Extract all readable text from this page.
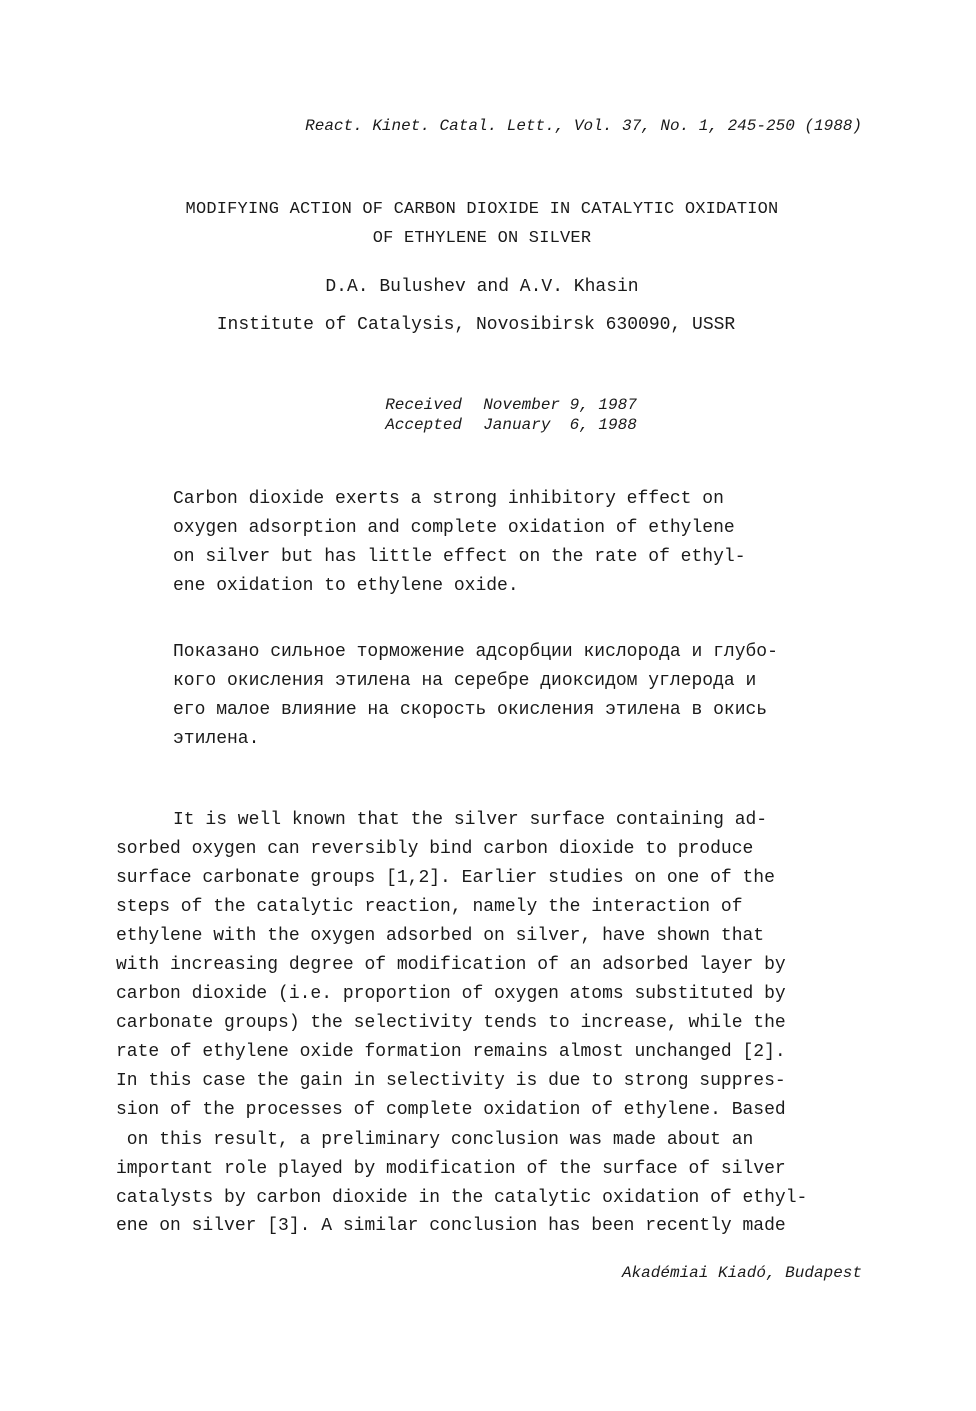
React. Kinet. Catal. Lett., Vol. 37, No. 1, 245-250 (1988)
MODIFYING ACTION OF CARBON DIOXIDE IN CATALYTIC OXIDATION
OF ETHYLENE ON SILVER
D.A. Bulushev and A.V. Khasin
Institute of Catalysis, Novosibirsk 630090, USSR

Received November 9, 1987

Accepted January  6, 1988

Carbon dioxide exerts a strong inhibitory effect on
oxygen adsorption and complete oxidation of ethylene
on silver but has little effect on the rate of ethyl-
ene oxidation to ethylene oxide.
Показано сильное торможение адсорбции кислорода и глубо-
кого окисления этилена на серебре диоксидом углерода и
его малое влияние на скорость окисления этилена в окись
этилена.
It is well known that the silver surface containing ad-
sorbed oxygen can reversibly bind carbon dioxide to produce
surface carbonate groups [1,2]. Earlier studies on one of the
steps of the catalytic reaction, namely the interaction of
ethylene with the oxygen adsorbed on silver, have shown that
with increasing degree of modification of an adsorbed layer by
carbon dioxide (i.e. proportion of oxygen atoms substituted by
carbonate groups) the selectivity tends to increase, while the
rate of ethylene oxide formation remains almost unchanged [2].
In this case the gain in selectivity is due to strong suppres-
sion of the processes of complete oxidation of ethylene. Based
on this result, a preliminary conclusion was made about an
important role played by modification of the surface of silver
catalysts by carbon dioxide in the catalytic oxidation of ethyl-
ene on silver [3]. A similar conclusion has been recently made
Akadémiai Kiadó, Budapest
